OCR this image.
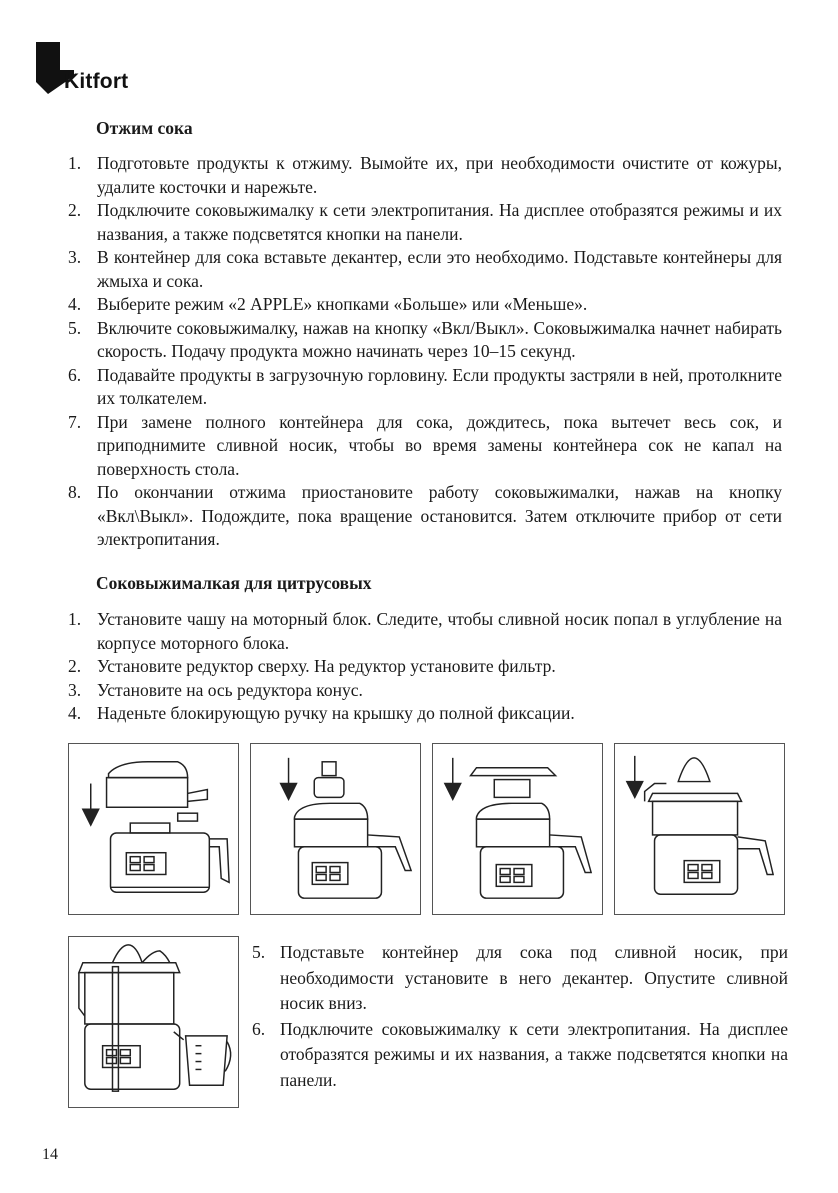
Kitfort
Отжим сока
1. Подготовьте продукты к отжиму. Вымойте их, при необходимости очистите от кожуры, удалите косточки и нарежьте.
2. Подключите соковыжималку к сети электропитания. На дисплее отобразятся режимы и их названия, а также подсветятся кнопки на панели.
3. В контейнер для сока вставьте декантер, если это необходимо. Подставьте контейнеры для жмыха и сока.
4. Выберите режим «2 APPLE» кнопками «Больше» или «Меньше».
5. Включите соковыжималку, нажав на кнопку «Вкл/Выкл». Соковыжималка начнет набирать скорость. Подачу продукта можно начинать через 10–15 секунд.
6. Подавайте продукты в загрузочную горловину. Если продукты застряли в ней, протолкните их толкателем.
7. При замене полного контейнера для сока, дождитесь, пока вытечет весь сок, и приподнимите сливной носик, чтобы во время замены контейнера сок не капал на поверхность стола.
8. По окончании отжима приостановите работу соковыжималки, нажав на кнопку «Вкл\Выкл». Подождите, пока вращение остановится. Затем отключите прибор от сети электропитания.
Соковыжималкая для цитрусовых
1. Установите чашу на моторный блок. Следите, чтобы сливной носик попал в углубление на корпусе моторного блока.
2. Установите редуктор сверху. На редуктор установите фильтр.
3. Установите на ось редуктора конус.
4. Наденьте блокирующую ручку на крышку до полной фиксации.
5. Подставьте контейнер для сока под сливной носик, при необходимости установите в него декантер. Опустите сливной носик вниз.
6. Подключите соковыжималку к сети электропитания. На дисплее отобразятся режимы и их названия, а также подсветятся кнопки на панели.
14
